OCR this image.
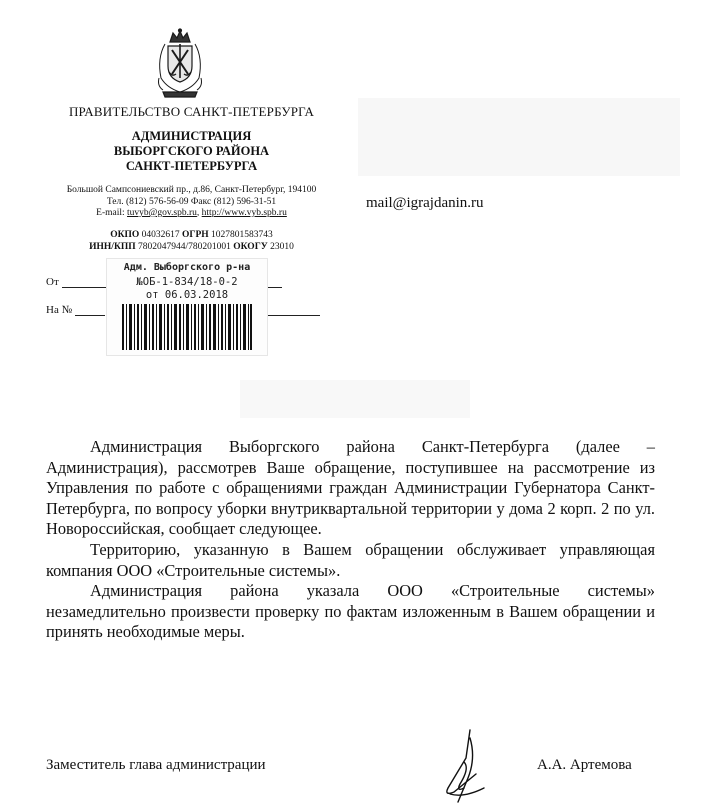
ПРАВИТЕЛЬСТВО САНКТ-ПЕТЕРБУРГА
АДМИНИСТРАЦИЯ
ВЫБОРГСКОГО РАЙОНА
САНКТ-ПЕТЕРБУРГА
Большой Сампсониевский пр., д.86, Санкт-Петербург, 194100
Тел. (812) 576-56-09 Факс (812) 596-31-51
E-mail: tuvyb@gov.spb.ru, http://www.vyb.spb.ru
ОКПО 04032617 ОГРН 1027801583743
ИНН/КПП 7802047944/780201001 ОКОГУ 23010
mail@igrajdanin.ru
От
На №
Адм. Выборгского р-на
№ОБ-1-834/18-0-2
от 06.03.2018

Администрация Выборгского района Санкт-Петербурга (далее – Администрация), рассмотрев Ваше обращение, поступившее на рассмотрение из Управления по работе с обращениями граждан Администрации Губернатора Санкт-Петербурга, по вопросу уборки внутриквартальной территории у дома 2 корп. 2 по ул. Новороссийская, сообщает следующее.

Территорию, указанную в Вашем обращении обслуживает управляющая компания ООО «Строительные системы».

Администрация района указала ООО «Строительные системы» незамедлительно произвести проверку по фактам изложенным в Вашем обращении и принять необходимые меры.

Заместитель глава администрации	А.А. Артемова
